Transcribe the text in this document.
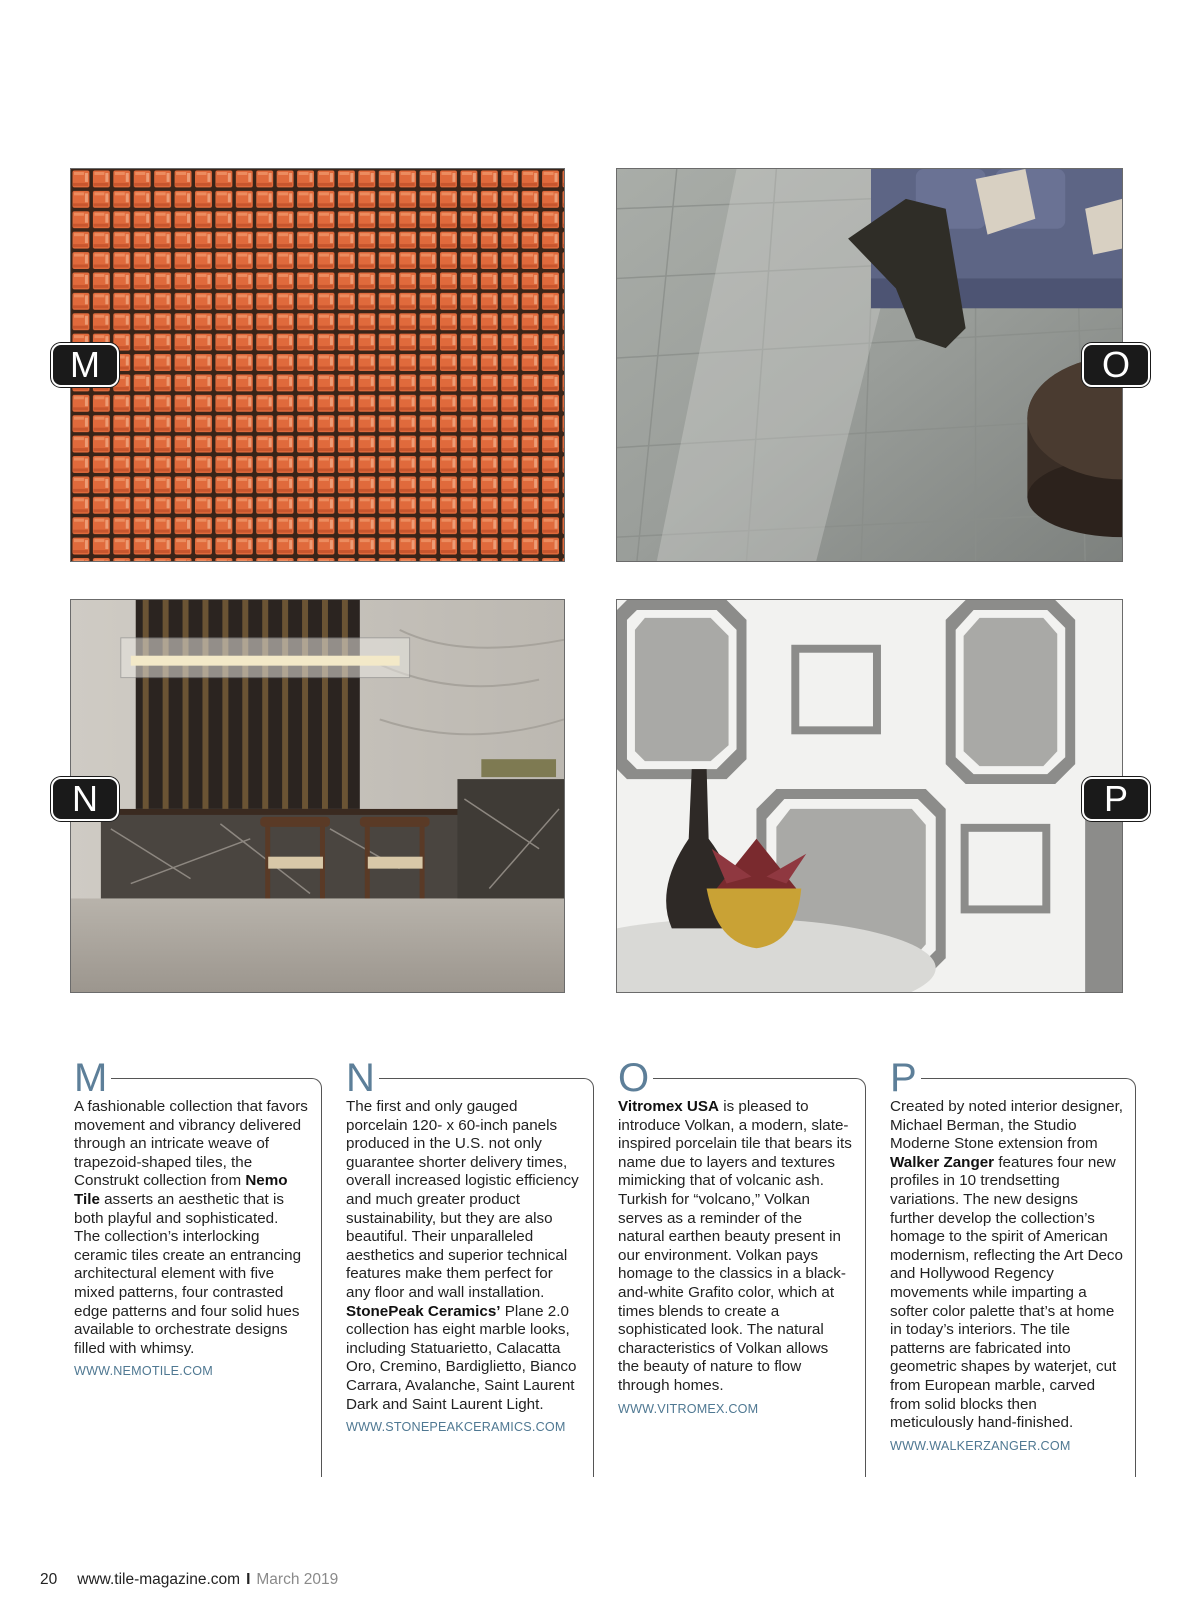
M	O
N	P
M

A fashionable collection that favors movement and vibrancy delivered through an intricate weave of trapezoid-shaped tiles, the Construkt collection from Nemo Tile asserts an aesthetic that is both playful and sophisticated. The collection’s interlocking ceramic tiles create an entrancing architectural element with five mixed patterns, four contrasted edge patterns and four solid hues available to orchestrate designs filled with whimsy.

WWW.NEMOTILE.COM
N

The first and only gauged porcelain 120- x 60-inch panels produced in the U.S. not only guarantee shorter delivery times, overall increased logistic efficiency and much greater product sustainability, but they are also beautiful. Their unparalleled aesthetics and superior technical features make them perfect for any floor and wall installation. StonePeak Ceramics’ Plane 2.0 collection has eight marble looks, including Statuarietto, Calacatta Oro, Cremino, Bardiglietto, Bianco Carrara, Avalanche, Saint Laurent Dark and Saint Laurent Light.

WWW.STONEPEAKCERAMICS.COM
O

Vitromex USA is pleased to introduce Volkan, a modern, slate-inspired porcelain tile that bears its name due to layers and textures mimicking that of volcanic ash. Turkish for “volcano,” Volkan serves as a reminder of the natural earthen beauty present in our environment. Volkan pays homage to the classics in a black-and-white Grafito color, which at times blends to create a sophisticated look. The natural characteristics of Volkan allows the beauty of nature to flow through homes.

WWW.VITROMEX.COM
P

Created by noted interior designer, Michael Berman, the Studio Moderne Stone extension from Walker Zanger features four new profiles in 10 trendsetting variations. The new designs further develop the collection’s homage to the spirit of American modernism, reflecting the Art Deco and Hollywood Regency movements while imparting a softer color palette that’s at home in today’s interiors. The tile patterns are fabricated into geometric shapes by waterjet, cut from European marble, carved from solid blocks then meticulously hand-finished.

WWW.WALKERZANGER.COM
20 www.tile-magazine.com I March 2019
